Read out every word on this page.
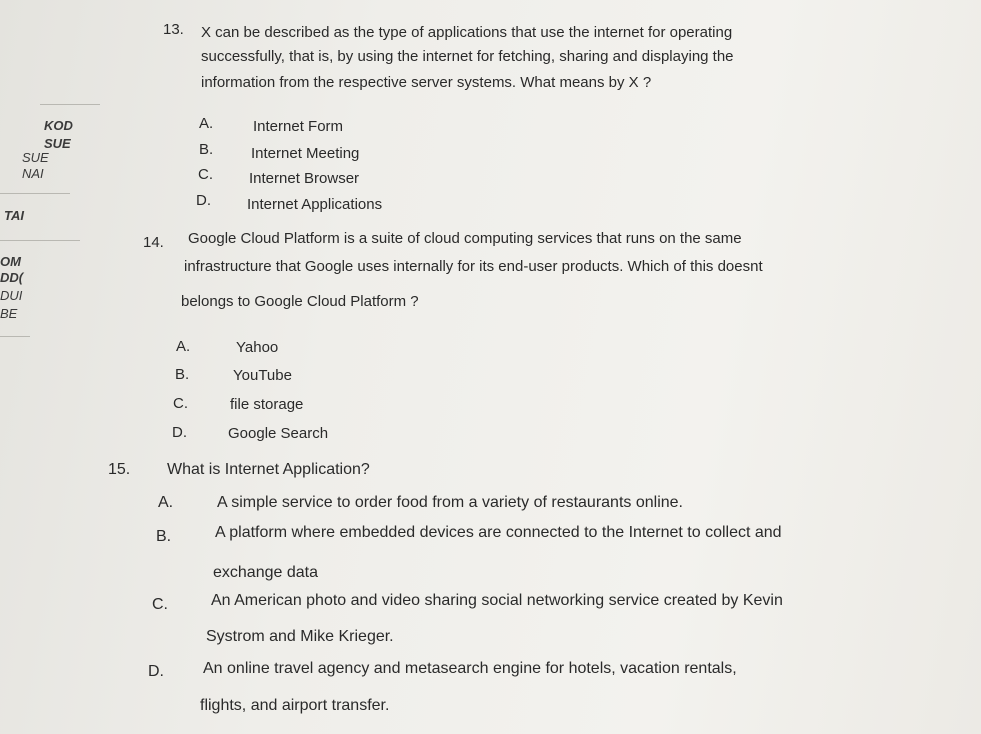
KOD
SUE
SUE
NAI
TAI
OM
DD(
DUI
BE
13. X can be described as the type of applications that use the internet for operating
successfully, that is, by using the internet for fetching, sharing and displaying the
information from the respective server systems. What means by X ?
A.	Internet Form
B.	Internet Meeting
C. Internet Browser
D. Internet Applications
14. Google Cloud Platform is a suite of cloud computing services that runs on the same
infrastructure that Google uses internally for its end-user products. Which of this doesnt
belongs to Google Cloud Platform ?
A.	Yahoo
B.	YouTube
C.	file storage
D.	Google Search
15. What is Internet Application?
A.	A simple service to order food from a variety of restaurants online.
B.	A platform where embedded devices are connected to the Internet to collect and
exchange data
C.	An American photo and video sharing social networking service created by Kevin
Systrom and Mike Krieger.
D. An online travel agency and metasearch engine for hotels, vacation rentals,
flights, and airport transfer.
